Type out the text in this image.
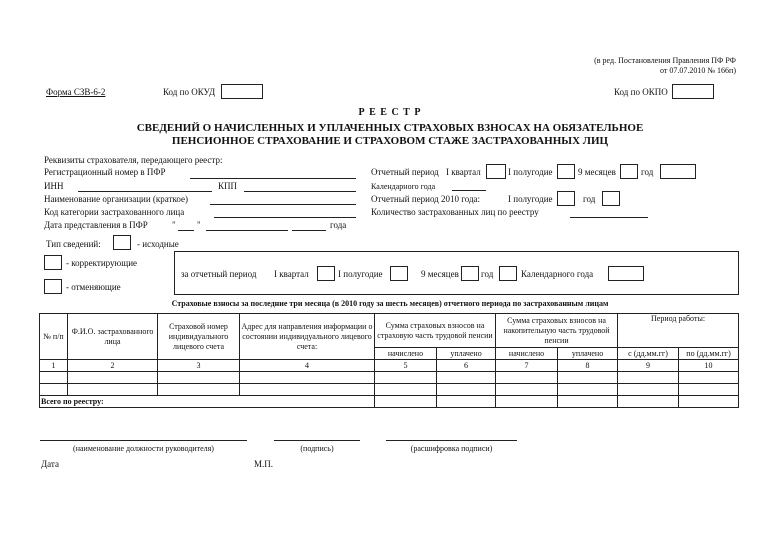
(в ред. Постановления Правления ПФ РФ
от 07.07.2010 № 166п)
Форма СЗВ-6-2	Код по ОКУД	Код по ОКПО
Р Е Е С Т Р
СВЕДЕНИЙ О НАЧИСЛЕННЫХ И УПЛАЧЕННЫХ СТРАХОВЫХ ВЗНОСАХ НА ОБЯЗАТЕЛЬНОЕ
ПЕНСИОННОЕ СТРАХОВАНИЕ И СТРАХОВОМ СТАЖЕ ЗАСТРАХОВАННЫХ ЛИЦ
Реквизиты страхователя, передающего реестр:
Регистрационный номер в ПФР
ИНН	КПП
Наименование организации (краткое)
Код категории застрахованного лица
Дата представления в ПФР	" "	года
Отчетный период I квартал	I полугодие	9 месяцев	год
Календарного года
Отчетный период 2010 года:	I полугодие	год
Количество застрахованных лиц по реестру
Тип сведений:	- исходные
- корректирующие
- отменяющие
за отчетный период I квартал	I полугодие	9 месяцев год	Календарного года
Страховые взносы за последние три месяца (в 2010 году за шесть месяцев) отчетного периода по застрахованным лицам
№ п/п	Ф.И.О. застрахованного лица	Страховой номер индивидуального лицевого счета	Адрес для направления информации о состоянии индивидуального лицевого счета:	Сумма страховых взносов на страховую часть трудовой пенсии		Сумма страховых взносов на накопительную часть трудовой пенсии		Период работы:	
				начислено	уплачено	начислено	уплачено	с (дд.мм.гг)	по (дд.мм.гг)
1	2	3	4	5	6	7	8	9	10

Всего по реестру:									
(наименование должности руководителя)	(подпись)	(расшифровка подписи)
Дата	М.П.
